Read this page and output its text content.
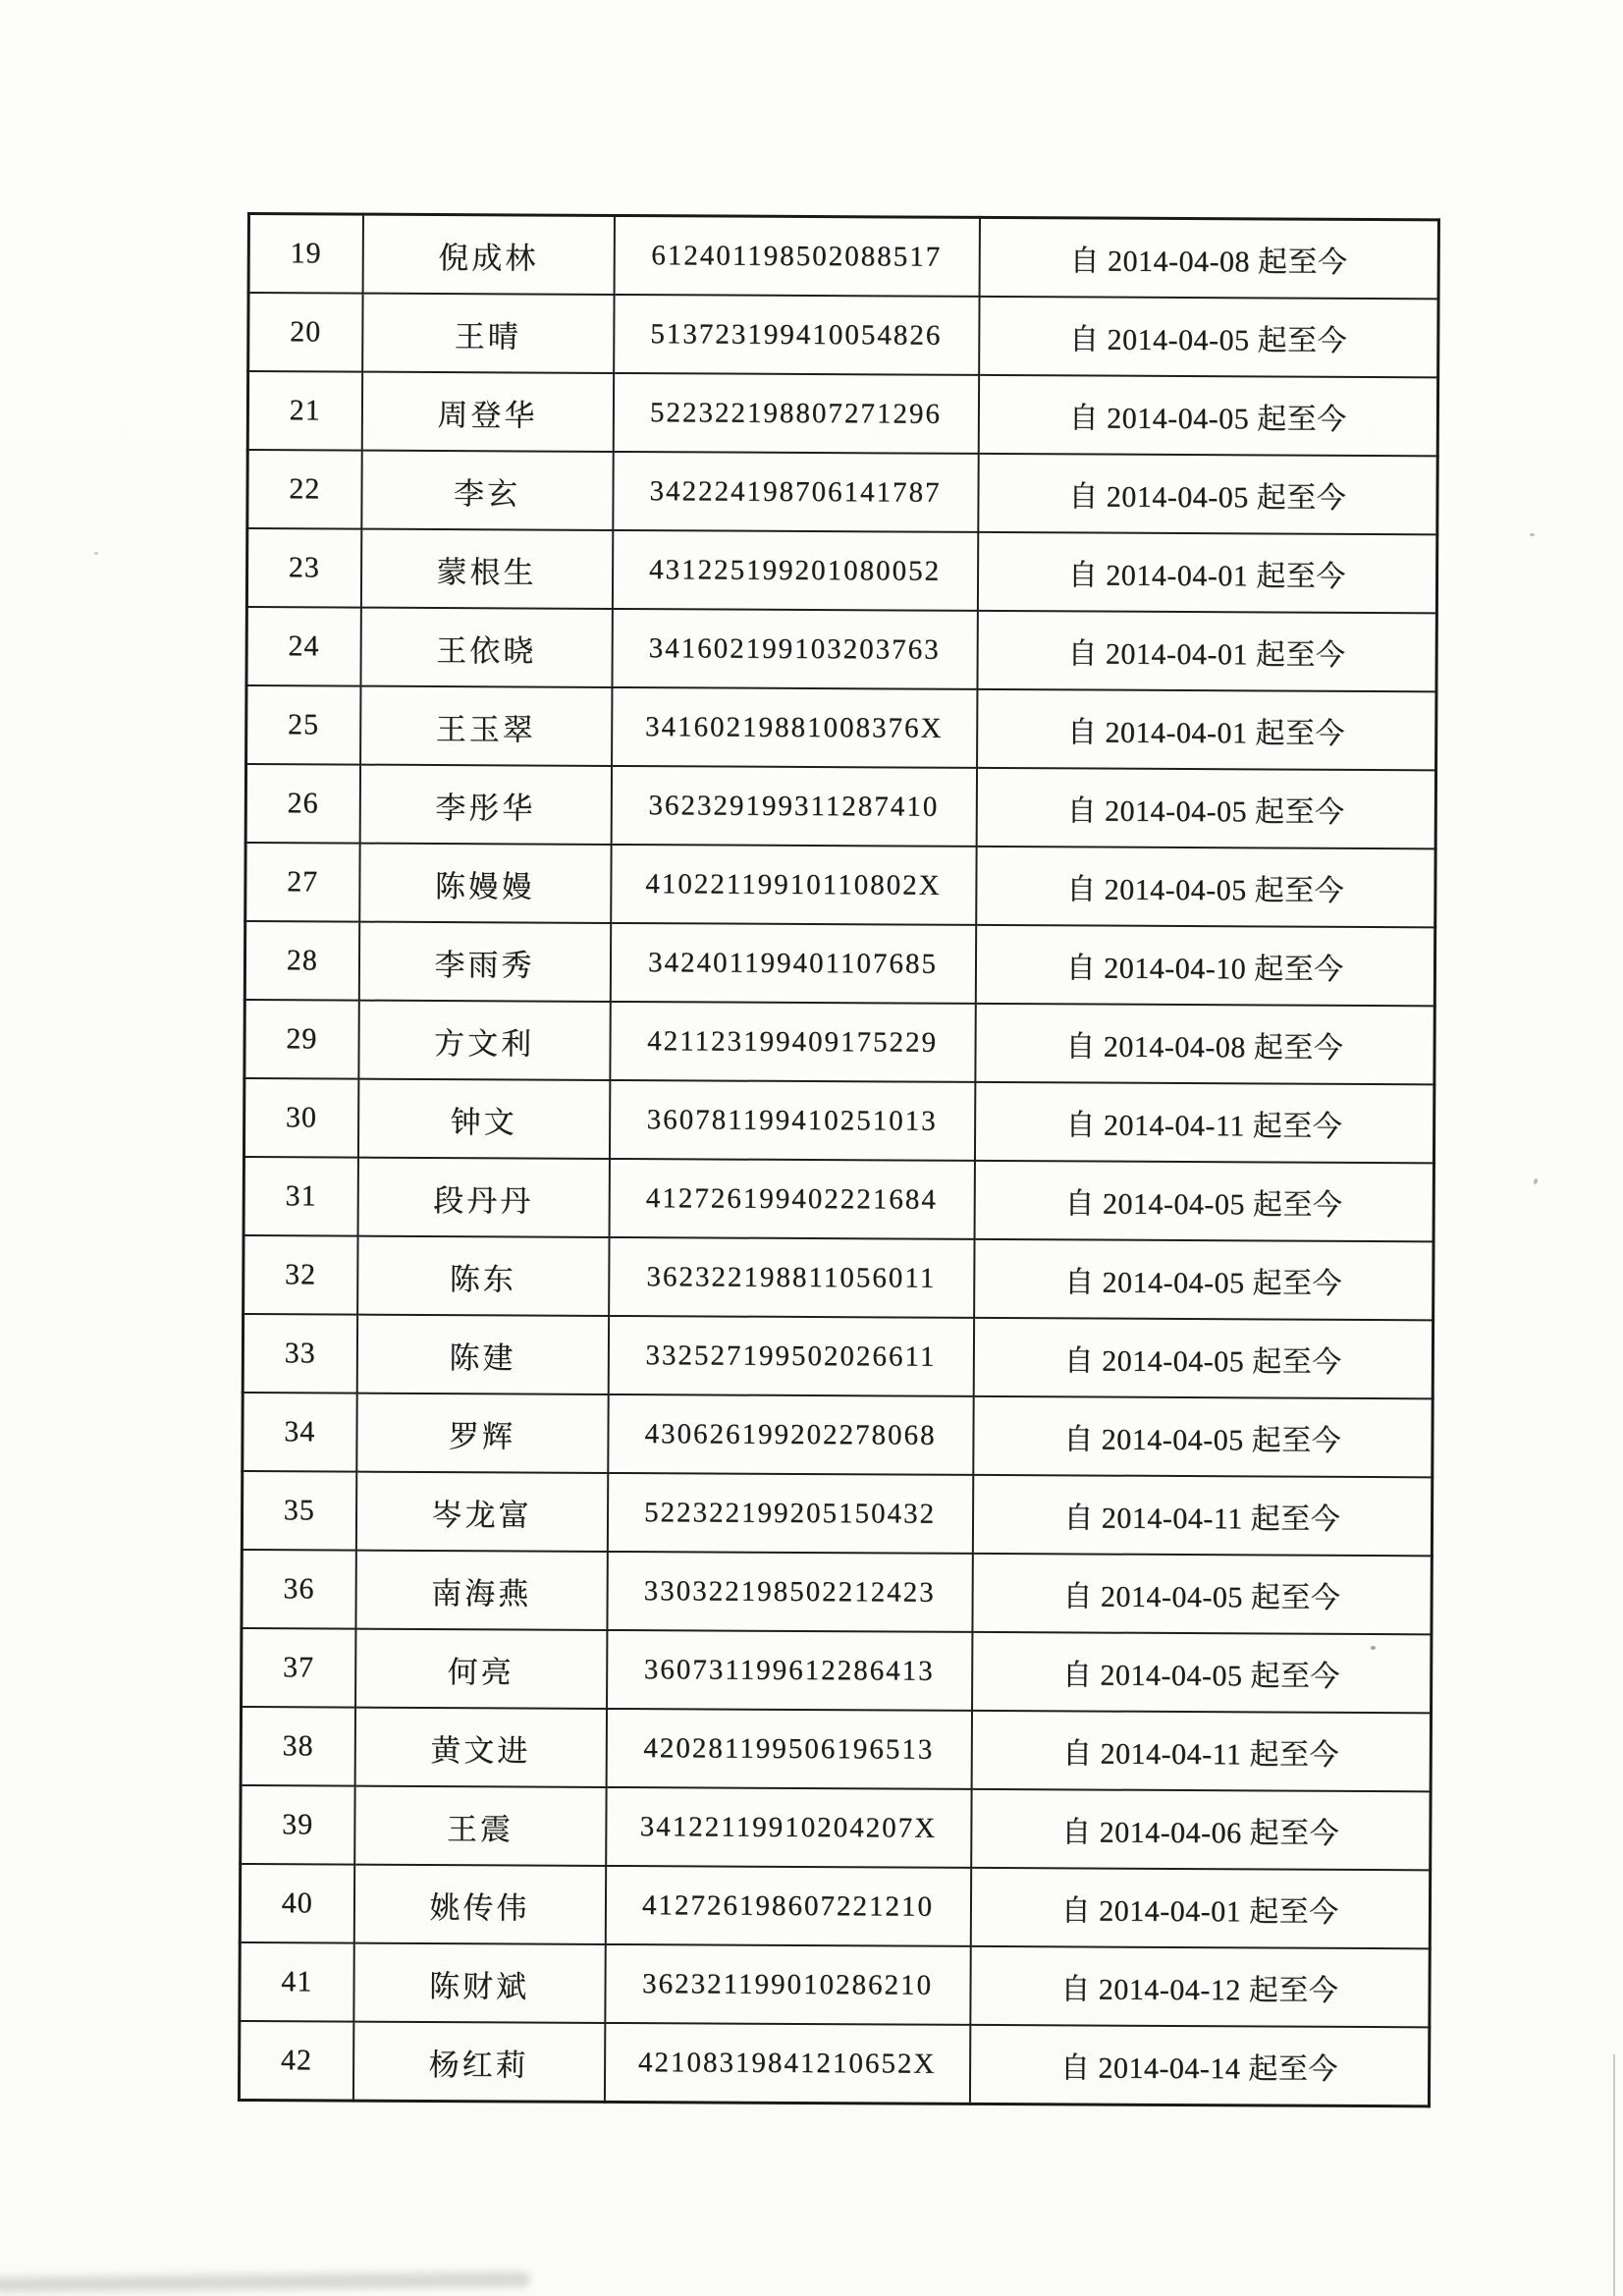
19	倪成林	612401198502088517	自 2014-04-08 起至今
20	王晴	513723199410054826	自 2014-04-05 起至今
21	周登华	522322198807271296	自 2014-04-05 起至今
22	李玄	342224198706141787	自 2014-04-05 起至今
23	蒙根生	431225199201080052	自 2014-04-01 起至今
24	王依晓	341602199103203763	自 2014-04-01 起至今
25	王玉翠	34160219881008376X	自 2014-04-01 起至今
26	李彤华	362329199311287410	自 2014-04-05 起至今
27	陈嫚嫚	41022119910110802X	自 2014-04-05 起至今
28	李雨秀	342401199401107685	自 2014-04-10 起至今
29	方文利	421123199409175229	自 2014-04-08 起至今
30	钟文	360781199410251013	自 2014-04-11 起至今
31	段丹丹	412726199402221684	自 2014-04-05 起至今
32	陈东	362322198811056011	自 2014-04-05 起至今
33	陈建	332527199502026611	自 2014-04-05 起至今
34	罗辉	430626199202278068	自 2014-04-05 起至今
35	岑龙富	522322199205150432	自 2014-04-11 起至今
36	南海燕	330322198502212423	自 2014-04-05 起至今
37	何亮	360731199612286413	自 2014-04-05 起至今
38	黄文进	420281199506196513	自 2014-04-11 起至今
39	王震	34122119910204207X	自 2014-04-06 起至今
40	姚传伟	412726198607221210	自 2014-04-01 起至今
41	陈财斌	362321199010286210	自 2014-04-12 起至今
42	杨红莉	42108319841210652X	自 2014-04-14 起至今
